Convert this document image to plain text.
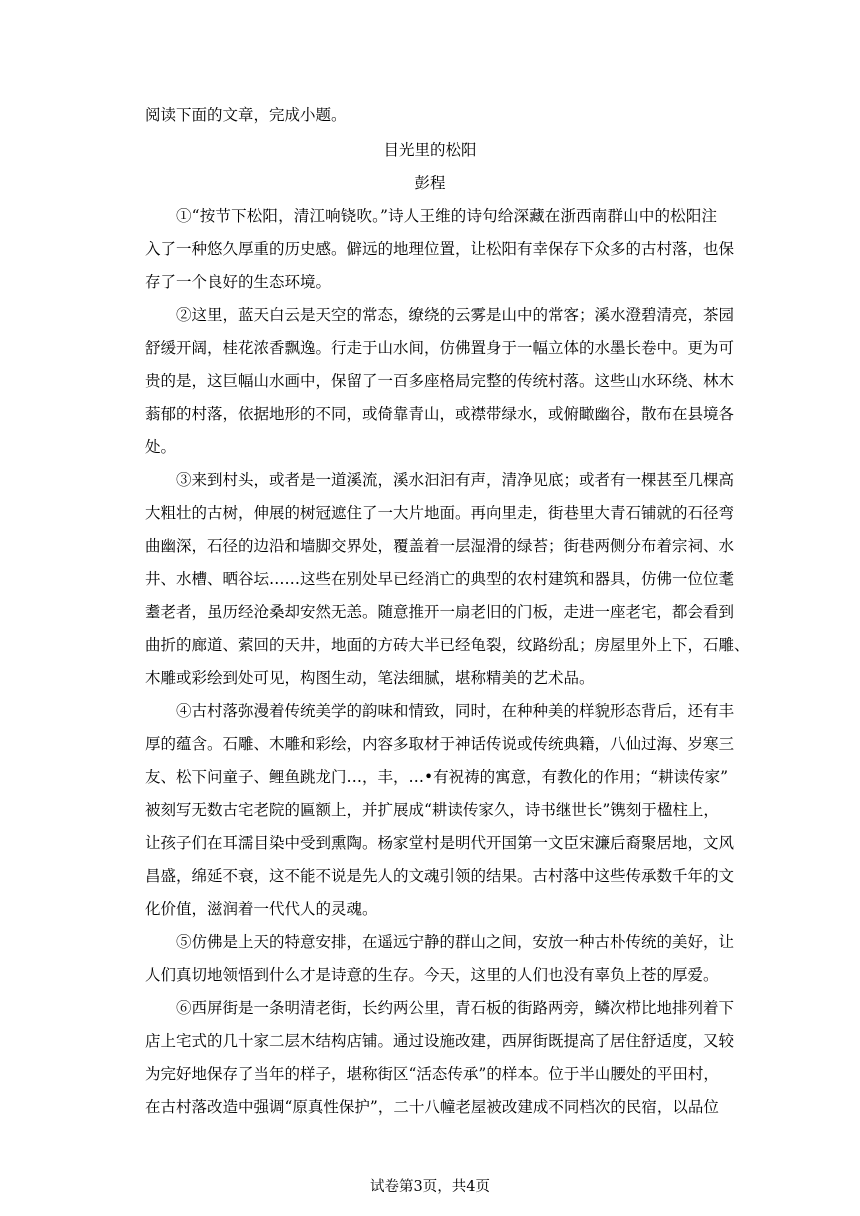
阅读下面的文章，完成小题。
目光里的松阳
彭程
①“按节下松阳，清江响铙吹。”诗人王维的诗句给深藏在浙西南群山中的松阳注
入了一种悠久厚重的历史感。僻远的地理位置，让松阳有幸保存下众多的古村落，也保
存了一个良好的生态环境。
②这里，蓝天白云是天空的常态，缭绕的云雾是山中的常客；溪水澄碧清亮，茶园
舒缓开阔，桂花浓香飘逸。行走于山水间，仿佛置身于一幅立体的水墨长卷中。更为可
贵的是，这巨幅山水画中，保留了一百多座格局完整的传统村落。这些山水环绕、林木
蓊郁的村落，依据地形的不同，或倚靠青山，或襟带绿水，或俯瞰幽谷，散布在县境各
处。
③来到村头，或者是一道溪流，溪水汩汩有声，清净见底；或者有一棵甚至几棵高
大粗壮的古树，伸展的树冠遮住了一大片地面。再向里走，街巷里大青石铺就的石径弯
曲幽深，石径的边沿和墙脚交界处，覆盖着一层湿滑的绿苔；街巷两侧分布着宗祠、水
井、水槽、晒谷坛……这些在别处早已经消亡的典型的农村建筑和器具，仿佛一位位耄
耋老者，虽历经沧桑却安然无恙。随意推开一扇老旧的门板，走进一座老宅，都会看到
曲折的廊道、萦回的天井，地面的方砖大半已经龟裂，纹路纷乱；房屋里外上下，石雕、
木雕或彩绘到处可见，构图生动，笔法细腻，堪称精美的艺术品。
④古村落弥漫着传统美学的韵味和情致，同时，在种种美的样貌形态背后，还有丰
厚的蕴含。石雕、木雕和彩绘，内容多取材于神话传说或传统典籍，八仙过海、岁寒三
友、松下问童子、鲤鱼跳龙门…，丰，…•有祝祷的寓意，有教化的作用；“耕读传家”
被刻写无数古宅老院的匾额上，并扩展成“耕读传家久，诗书继世长”镌刻于楹柱上，
让孩子们在耳濡目染中受到熏陶。杨家堂村是明代开国第一文臣宋濂后裔聚居地，文风
昌盛，绵延不衰，这不能不说是先人的文魂引领的结果。古村落中这些传承数千年的文
化价值，滋润着一代代人的灵魂。
⑤仿佛是上天的特意安排，在遥远宁静的群山之间，安放一种古朴传统的美好，让
人们真切地领悟到什么才是诗意的生存。今天，这里的人们也没有辜负上苍的厚爱。
⑥西屏街是一条明清老街，长约两公里，青石板的街路两旁，鳞次栉比地排列着下
店上宅式的几十家二层木结构店铺。通过设施改建，西屏街既提高了居住舒适度，又较
为完好地保存了当年的样子，堪称街区“活态传承”的样本。位于半山腰处的平田村，
在古村落改造中强调“原真性保护”，二十八幢老屋被改建成不同档次的民宿，以品位
试卷第3页，共4页
